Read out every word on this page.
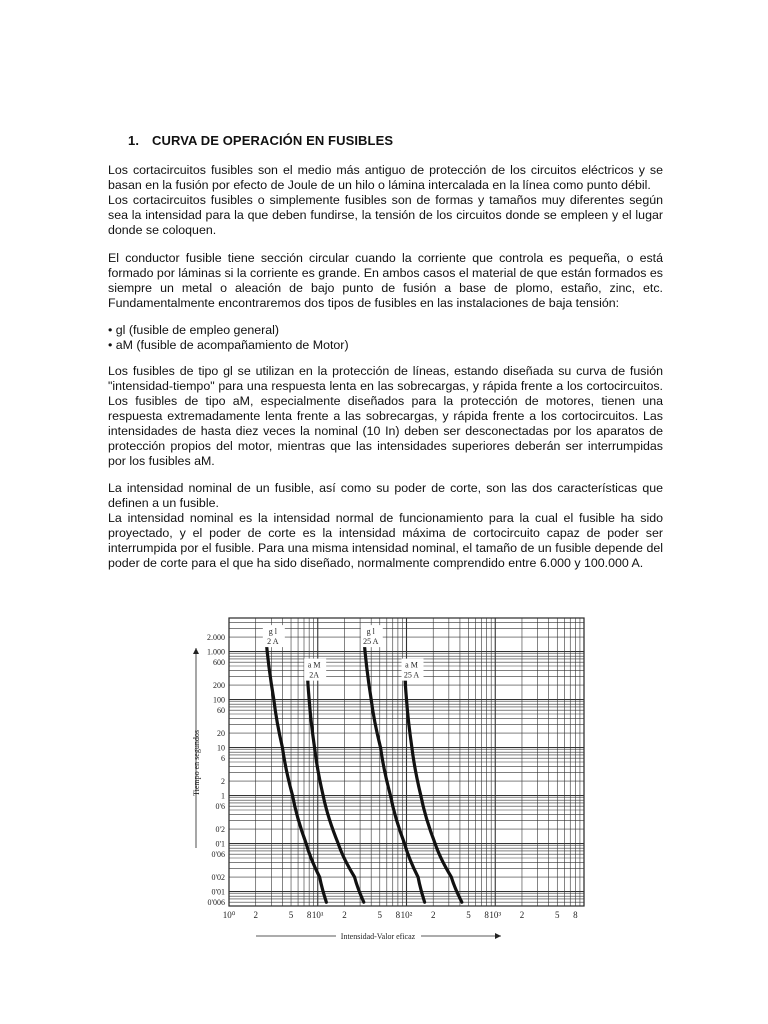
1. CURVA DE OPERACIÓN EN FUSIBLES

Los cortacircuitos fusibles son el medio más antiguo de protección de los circuitos eléctricos y se basan en la fusión por efecto de Joule de un hilo o lámina intercalada en la línea como punto débil.

Los cortacircuitos fusibles o simplemente fusibles son de formas y tamaños muy diferentes según sea la intensidad para la que deben fundirse, la tensión de los circuitos donde se empleen y el lugar donde se coloquen.

El conductor fusible tiene sección circular cuando la corriente que controla es pequeña, o está formado por láminas si la corriente es grande. En ambos casos el material de que están formados es siempre un metal o aleación de bajo punto de fusión a base de plomo, estaño, zinc, etc. Fundamentalmente encontraremos dos tipos de fusibles en las instalaciones de baja tensión:

• gl (fusible de empleo general)

• aM (fusible de acompañamiento de Motor)

Los fusibles de tipo gl se utilizan en la protección de líneas, estando diseñada su curva de fusión "intensidad-tiempo" para una respuesta lenta en las sobrecargas, y rápida frente a los cortocircuitos. Los fusibles de tipo aM, especialmente diseñados para la protección de motores, tienen una respuesta extremadamente lenta frente a las sobrecargas, y rápida frente a los cortocircuitos. Las intensidades de hasta diez veces la nominal (10 In) deben ser desconectadas por los aparatos de protección propios del motor, mientras que las intensidades superiores deberán ser interrumpidas por los fusibles aM.

La intensidad nominal de un fusible, así como su poder de corte, son las dos características que definen a un fusible.

La intensidad nominal es la intensidad normal de funcionamiento para la cual el fusible ha sido proyectado, y el poder de corte es la intensidad máxima de cortocircuito capaz de poder ser interrumpida por el fusible. Para una misma intensidad nominal, el tamaño de un fusible depende del poder de corte para el que ha sido diseñado, normalmente comprendido entre 6.000 y 100.000 A.

2.000
1.000
600
200
100
60
20
10
6
2
1
0'6
0'2
0'1
0'06
0'02
0'01
0'006
10⁰ 2	5 8 10¹ 2	5 8 10² 2	5 8 10³ 2	5 8
Tiempo en segundos
Intensidad-Valor eficaz
g l
2 A
a M
2A
g l
25 A
a M
25 A
